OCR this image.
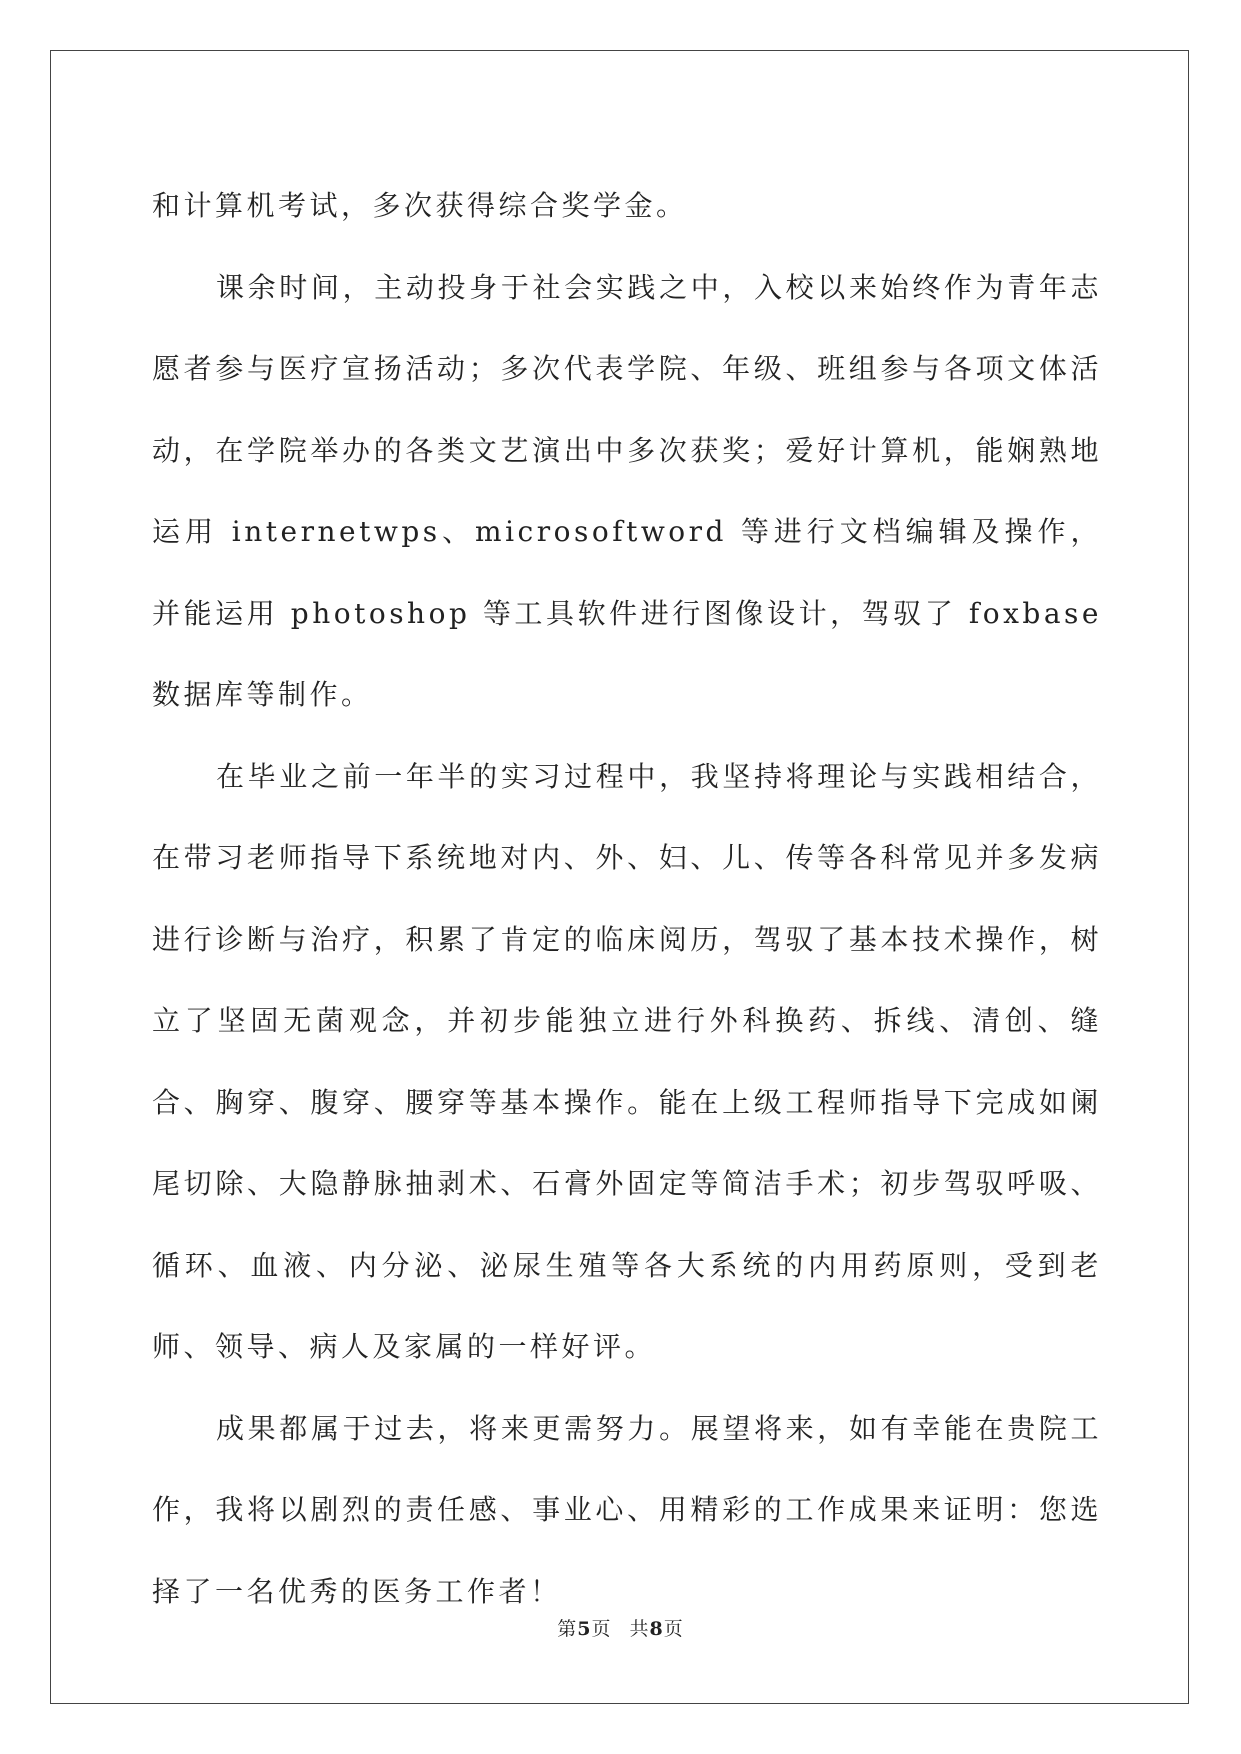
和计算机考试，多次获得综合奖学金。

课余时间，主动投身于社会实践之中，入校以来始终作为青年志愿者参与医疗宣扬活动；多次代表学院、年级、班组参与各项文体活动，在学院举办的各类文艺演出中多次获奖；爱好计算机，能娴熟地运用 internetwps、microsoftword 等进行文档编辑及操作，并能运用 photoshop 等工具软件进行图像设计，驾驭了 foxbase 数据库等制作。

在毕业之前一年半的实习过程中，我坚持将理论与实践相结合，在带习老师指导下系统地对内、外、妇、儿、传等各科常见并多发病进行诊断与治疗，积累了肯定的临床阅历，驾驭了基本技术操作，树立了坚固无菌观念，并初步能独立进行外科换药、拆线、清创、缝合、胸穿、腹穿、腰穿等基本操作。能在上级工程师指导下完成如阑尾切除、大隐静脉抽剥术、石膏外固定等简洁手术；初步驾驭呼吸、循环、血液、内分泌、泌尿生殖等各大系统的内用药原则，受到老师、领导、病人及家属的一样好评。

成果都属于过去，将来更需努力。展望将来，如有幸能在贵院工作，我将以剧烈的责任感、事业心、用精彩的工作成果来证明：您选择了一名优秀的医务工作者！

第5页 共8页
